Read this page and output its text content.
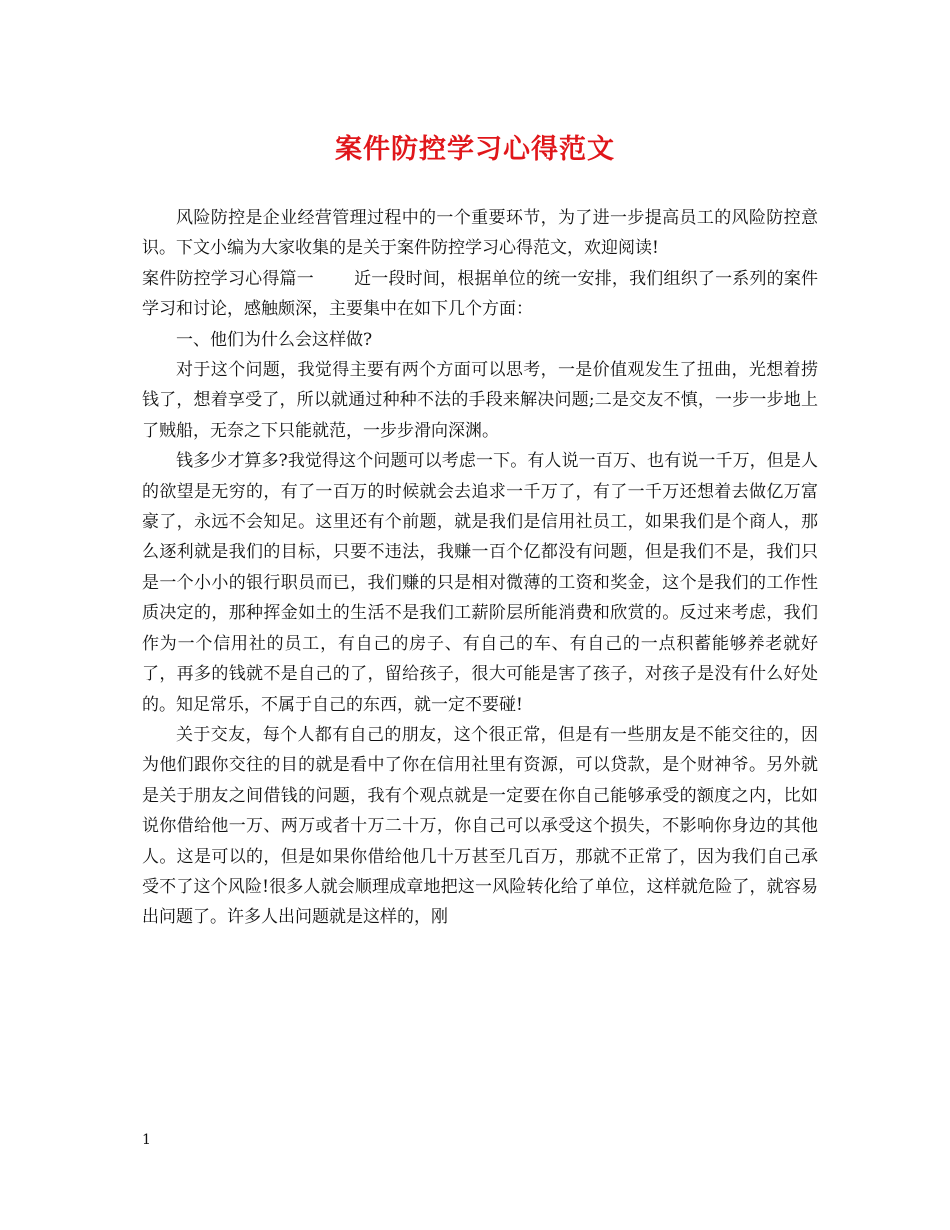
案件防控学习心得范文

风险防控是企业经营管理过程中的一个重要环节，为了进一步提高员工的风险防控意识。下文小编为大家收集的是关于案件防控学习心得范文，欢迎阅读!

案件防控学习心得篇一 近一段时间，根据单位的统一安排，我们组织了一系列的案件学习和讨论，感触颇深，主要集中在如下几个方面：

一、他们为什么会这样做?

对于这个问题，我觉得主要有两个方面可以思考，一是价值观发生了扭曲，光想着捞钱了，想着享受了，所以就通过种种不法的手段来解决问题;二是交友不慎，一步一步地上了贼船，无奈之下只能就范，一步步滑向深渊。

钱多少才算多?我觉得这个问题可以考虑一下。有人说一百万、也有说一千万，但是人的欲望是无穷的，有了一百万的时候就会去追求一千万了，有了一千万还想着去做亿万富豪了，永远不会知足。这里还有个前题，就是我们是信用社员工，如果我们是个商人，那么逐利就是我们的目标，只要不违法，我赚一百个亿都没有问题，但是我们不是，我们只是一个小小的银行职员而已，我们赚的只是相对微薄的工资和奖金，这个是我们的工作性质决定的，那种挥金如土的生活不是我们工薪阶层所能消费和欣赏的。反过来考虑，我们作为一个信用社的员工，有自己的房子、有自己的车、有自己的一点积蓄能够养老就好了，再多的钱就不是自己的了，留给孩子，很大可能是害了孩子，对孩子是没有什么好处的。知足常乐，不属于自己的东西，就一定不要碰!

关于交友，每个人都有自己的朋友，这个很正常，但是有一些朋友是不能交往的，因为他们跟你交往的目的就是看中了你在信用社里有资源，可以贷款，是个财神爷。另外就是关于朋友之间借钱的问题，我有个观点就是一定要在你自己能够承受的额度之内，比如说你借给他一万、两万或者十万二十万，你自己可以承受这个损失，不影响你身边的其他人。这是可以的，但是如果你借给他几十万甚至几百万，那就不正常了，因为我们自己承受不了这个风险!很多人就会顺理成章地把这一风险转化给了单位，这样就危险了，就容易出问题了。许多人出问题就是这样的，刚

1
